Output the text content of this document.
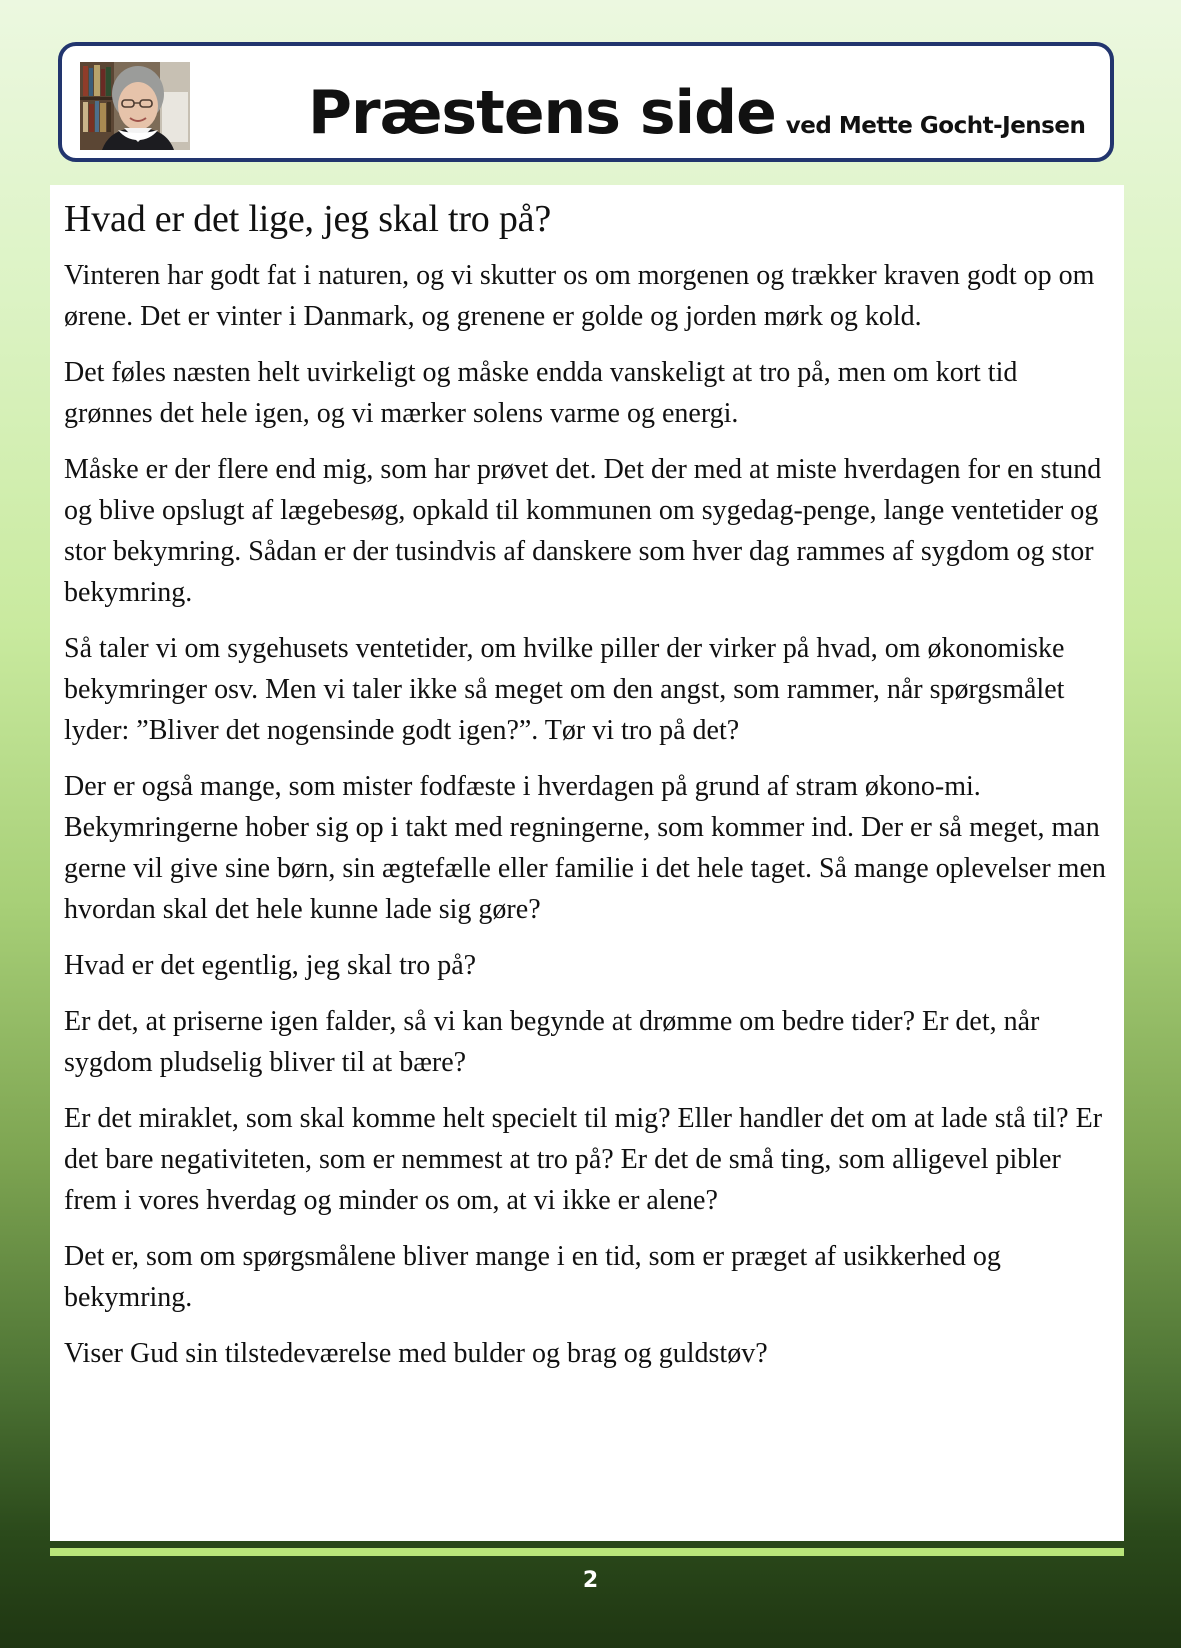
Præstens side ved Mette Gocht-Jensen
Hvad er det lige, jeg skal tro på?

Vinteren har godt fat i naturen, og vi skutter os om morgenen og trækker kraven godt op om ørene. Det er vinter i Danmark, og grenene er golde og jorden mørk og kold.

Det føles næsten helt uvirkeligt og måske endda vanskeligt at tro på, men om kort tid grønnes det hele igen, og vi mærker solens varme og energi.

Måske er der flere end mig, som har prøvet det. Det der med at miste hverdagen for en stund og blive opslugt af lægebesøg, opkald til kommunen om sygedag-penge, lange ventetider og stor bekymring. Sådan er der tusindvis af danskere som hver dag rammes af sygdom og stor bekymring.

Så taler vi om sygehusets ventetider, om hvilke piller der virker på hvad, om økonomiske bekymringer osv. Men vi taler ikke så meget om den angst, som rammer, når spørgsmålet lyder: ”Bliver det nogensinde godt igen?”. Tør vi tro på det?

Der er også mange, som mister fodfæste i hverdagen på grund af stram økono-mi. Bekymringerne hober sig op i takt med regningerne, som kommer ind. Der er så meget, man gerne vil give sine børn, sin ægtefælle eller familie i det hele taget. Så mange oplevelser men hvordan skal det hele kunne lade sig gøre?

Hvad er det egentlig, jeg skal tro på?

Er det, at priserne igen falder, så vi kan begynde at drømme om bedre tider? Er det, når sygdom pludselig bliver til at bære?

Er det miraklet, som skal komme helt specielt til mig? Eller handler det om at lade stå til? Er det bare negativiteten, som er nemmest at tro på? Er det de små ting, som alligevel pibler frem i vores hverdag og minder os om, at vi ikke er alene?

Det er, som om spørgsmålene bliver mange i en tid, som er præget af usikkerhed og bekymring.

Viser Gud sin tilstedeværelse med bulder og brag og guldstøv?

2
